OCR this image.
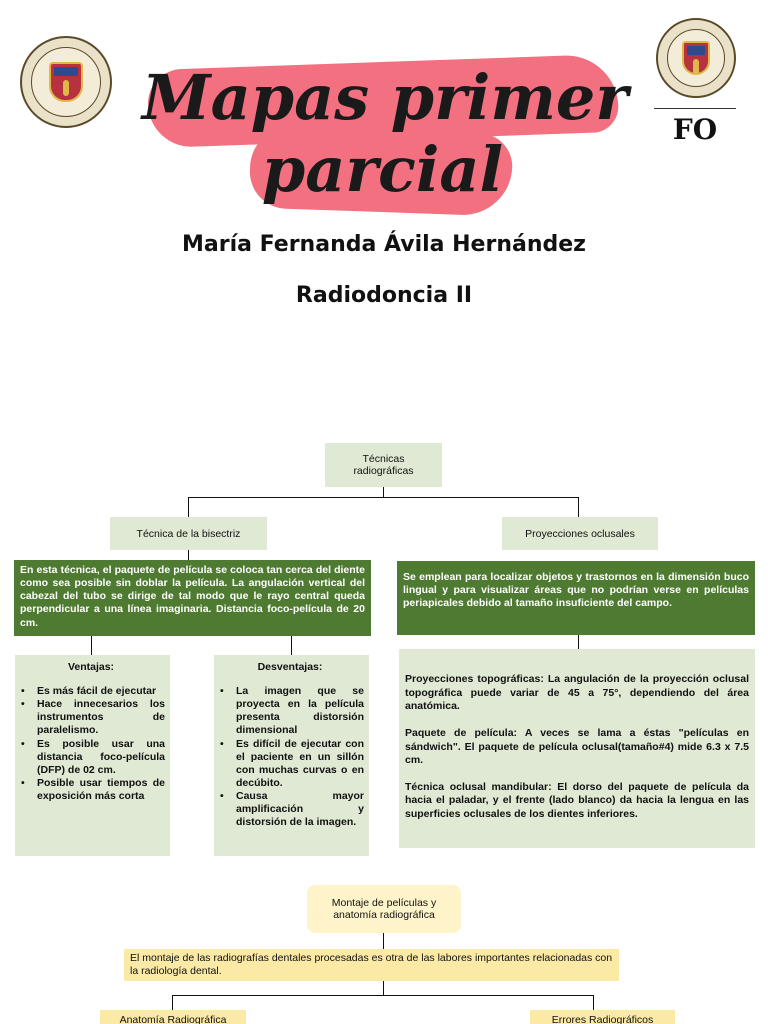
FO
Mapas primer
parcial
María Fernanda Ávila Hernández
Radiodoncia II
Técnicas radiográficas
Técnica de la bisectriz	Proyecciones oclusales
En esta técnica, el paquete de película se coloca tan cerca del diente como sea posible sin doblar la película. La angulación vertical del cabezal del tubo se dirige de tal modo que le rayo central queda perpendicular a una línea imaginaria. Distancia foco-película de 20 cm.
Se emplean para localizar objetos y trastornos en la dimensión buco lingual y para visualizar áreas que no podrían verse en películas periapicales debido al tamaño insuficiente del campo.
Ventajas:
• Es más fácil de ejecutar
• Hace innecesarios los instrumentos de paralelismo.
• Es posible usar una distancia foco-película (DFP) de 02 cm.
• Posible usar tiempos de exposición más corta
Desventajas:
• La imagen que se proyecta en la película presenta distorsión dimensional
• Es difícil de ejecutar con el paciente en un sillón con muchas curvas o en decúbito.
• Causa mayor amplificación y distorsión de la imagen.

Proyecciones topográficas: La angulación de la proyección oclusal topográfica puede variar de 45 a 75°, dependiendo del área anatómica.

Paquete de película: A veces se lama a éstas "películas en sándwich". El paquete de película oclusal(tamaño#4) mide 6.3 x 7.5 cm.

Técnica oclusal mandibular: El dorso del paquete de película da hacia el paladar, y el frente (lado blanco) da hacia la lengua en las superficies oclusales de los dientes inferiores.

Montaje de películas y anatomía radiográfica
El montaje de las radiografías dentales procesadas es otra de las labores importantes relacionadas con la radiología dental.
Anatomía Radiográfica	Errores Radiográficos
